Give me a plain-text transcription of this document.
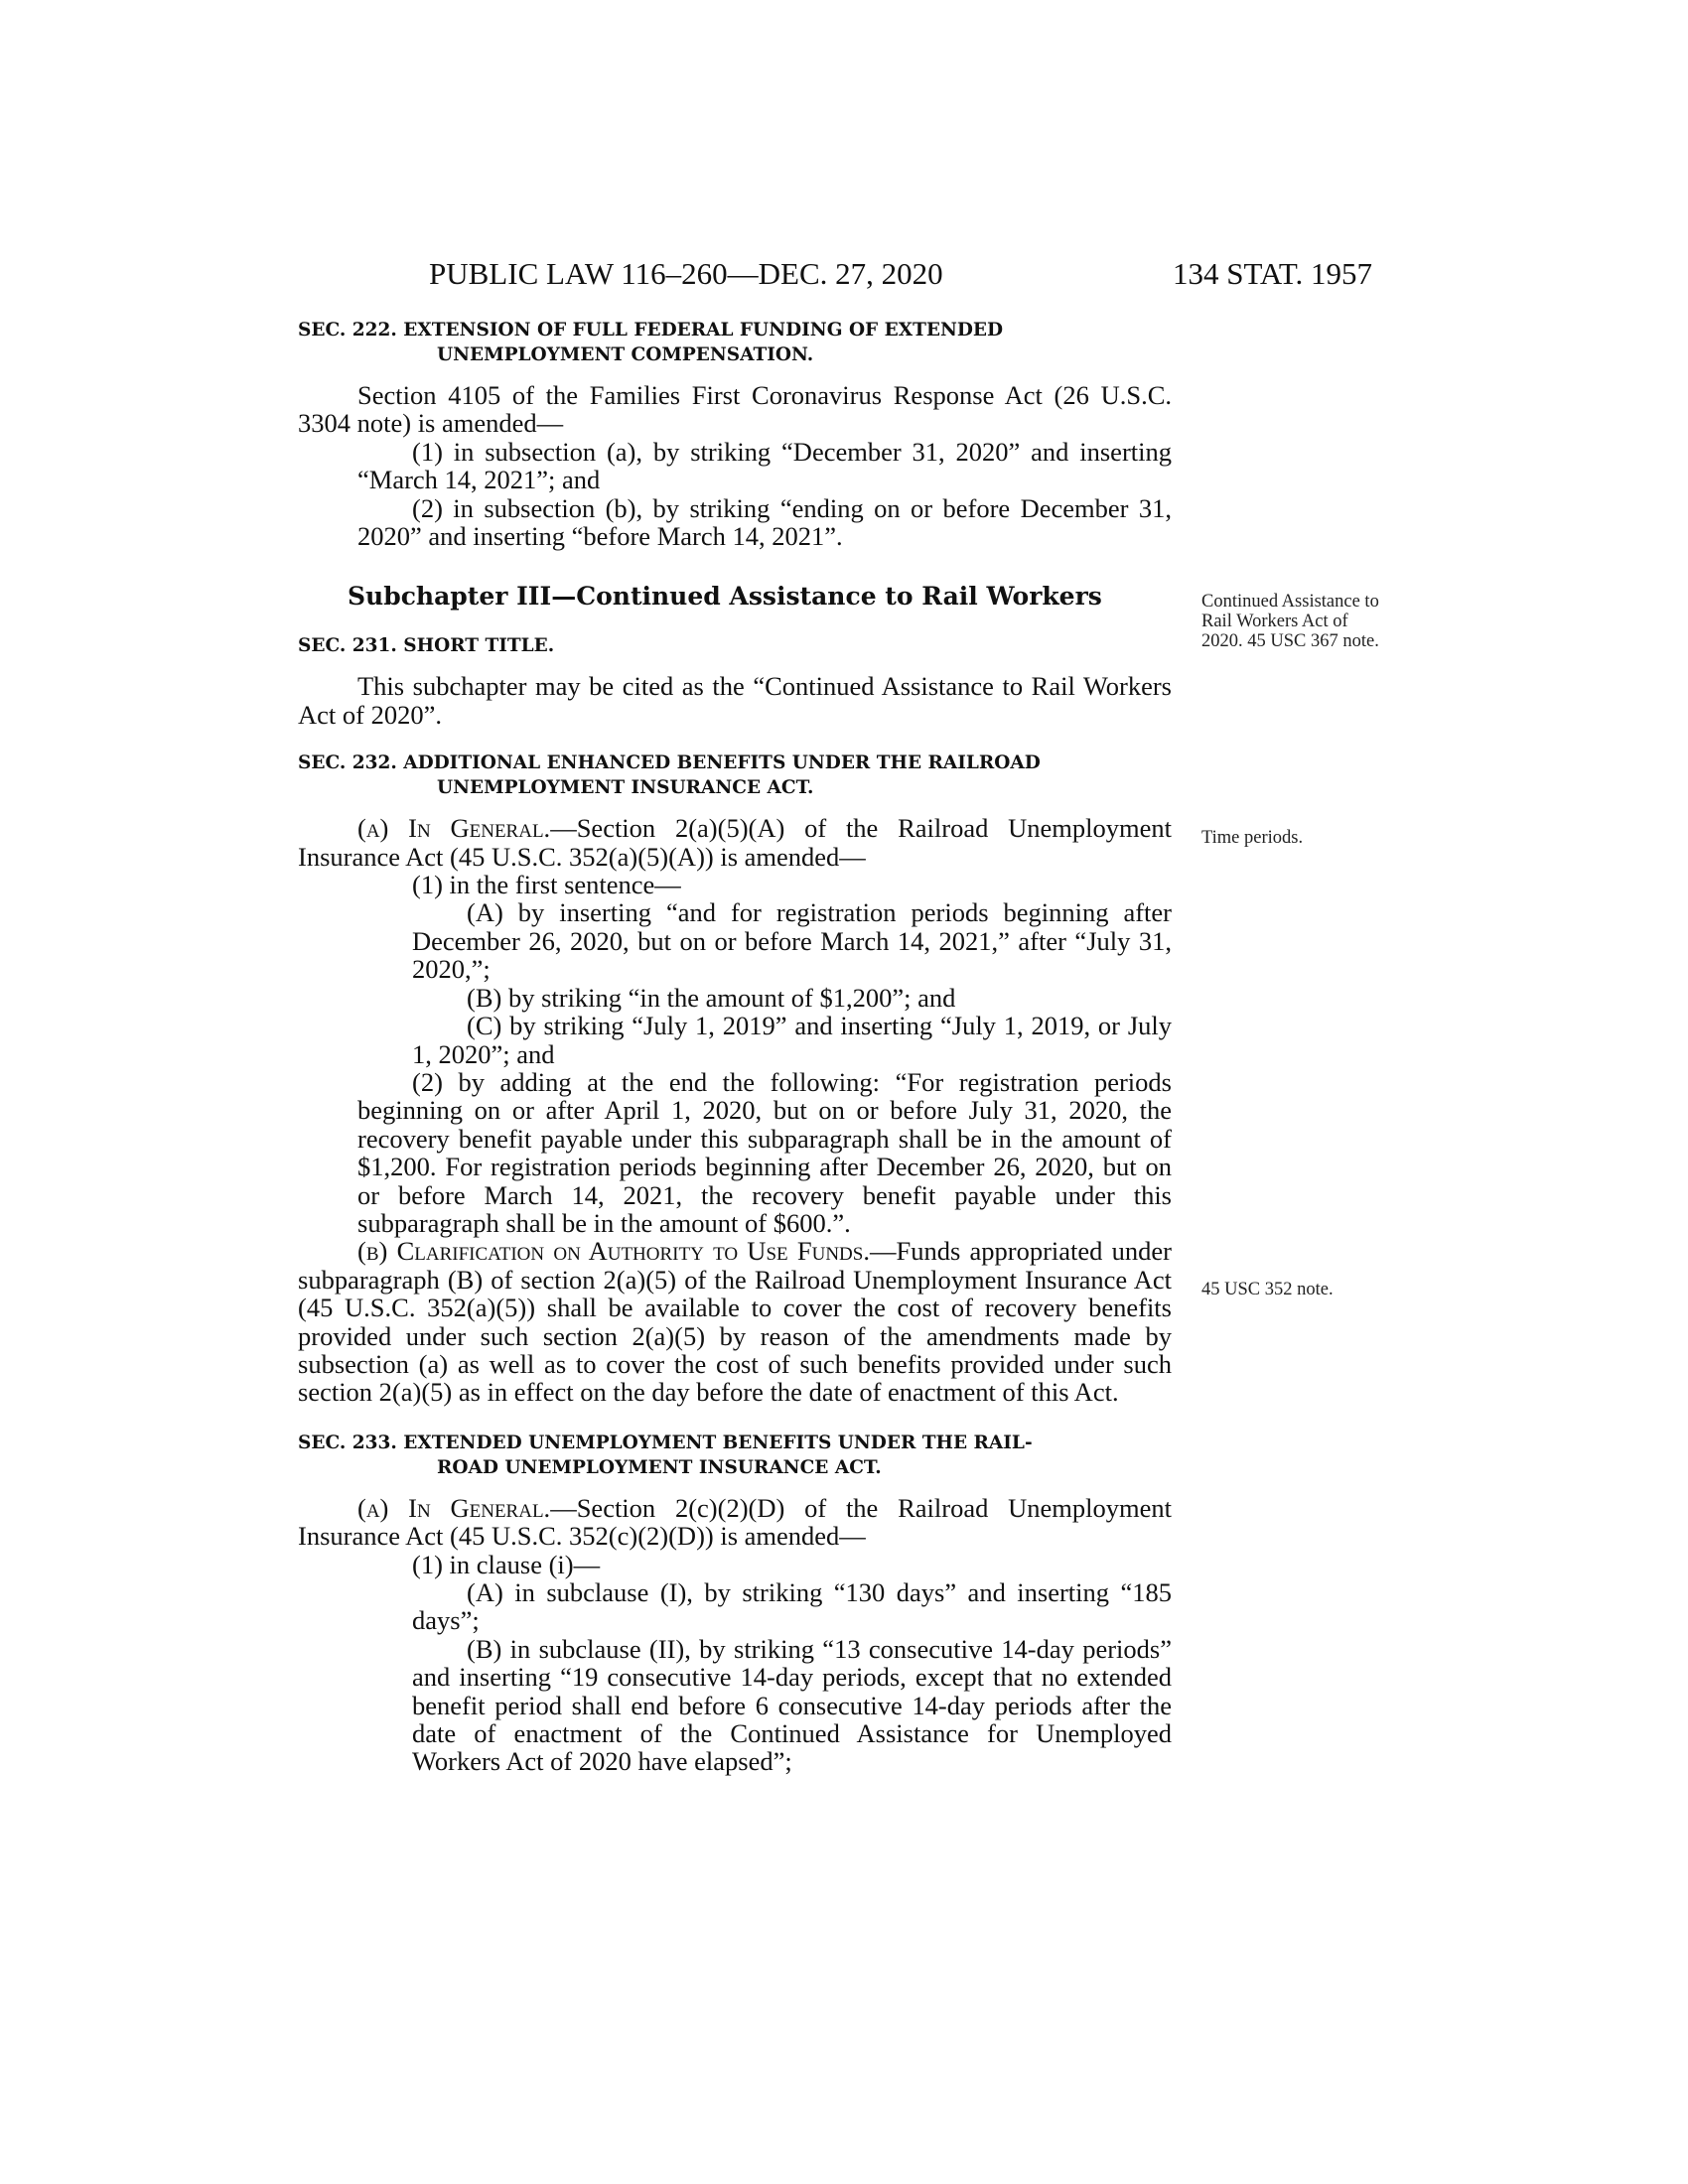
PUBLIC LAW 116–260—DEC. 27, 2020	134 STAT. 1957

SEC. 222. EXTENSION OF FULL FEDERAL FUNDING OF EXTENDED
UNEMPLOYMENT COMPENSATION.

Section 4105 of the Families First Coronavirus Response Act (26 U.S.C. 3304 note) is amended—

(1) in subsection (a), by striking “December 31, 2020” and inserting “March 14, 2021”; and

(2) in subsection (b), by striking “ending on or before December 31, 2020” and inserting “before March 14, 2021”.

Subchapter III—Continued Assistance to Rail Workers

SEC. 231. SHORT TITLE.

This subchapter may be cited as the “Continued Assistance to Rail Workers Act of 2020”.

SEC. 232. ADDITIONAL ENHANCED BENEFITS UNDER THE RAILROAD
UNEMPLOYMENT INSURANCE ACT.

(a) In General.—Section 2(a)(5)(A) of the Railroad Unemployment Insurance Act (45 U.S.C. 352(a)(5)(A)) is amended—

(1) in the first sentence—

(A) by inserting “and for registration periods beginning after December 26, 2020, but on or before March 14, 2021,” after “July 31, 2020,”;

(B) by striking “in the amount of $1,200”; and

(C) by striking “July 1, 2019” and inserting “July 1, 2019, or July 1, 2020”; and

(2) by adding at the end the following: “For registration periods beginning on or after April 1, 2020, but on or before July 31, 2020, the recovery benefit payable under this subparagraph shall be in the amount of $1,200. For registration periods beginning after December 26, 2020, but on or before March 14, 2021, the recovery benefit payable under this subparagraph shall be in the amount of $600.”.

(b) Clarification on Authority to Use Funds.—Funds appropriated under subparagraph (B) of section 2(a)(5) of the Railroad Unemployment Insurance Act (45 U.S.C. 352(a)(5)) shall be available to cover the cost of recovery benefits provided under such section 2(a)(5) by reason of the amendments made by subsection (a) as well as to cover the cost of such benefits provided under such section 2(a)(5) as in effect on the day before the date of enactment of this Act.

SEC. 233. EXTENDED UNEMPLOYMENT BENEFITS UNDER THE RAIL-
ROAD UNEMPLOYMENT INSURANCE ACT.

(a) In General.—Section 2(c)(2)(D) of the Railroad Unemployment Insurance Act (45 U.S.C. 352(c)(2)(D)) is amended—

(1) in clause (i)—

(A) in subclause (I), by striking “130 days” and inserting “185 days”;

(B) in subclause (II), by striking “13 consecutive 14-day periods” and inserting “19 consecutive 14-day periods, except that no extended benefit period shall end before 6 consecutive 14-day periods after the date of enactment of the Continued Assistance for Unemployed Workers Act of 2020 have elapsed”;

Continued Assistance to Rail Workers Act of 2020. 45 USC 367 note.
Time periods.
45 USC 352 note.
